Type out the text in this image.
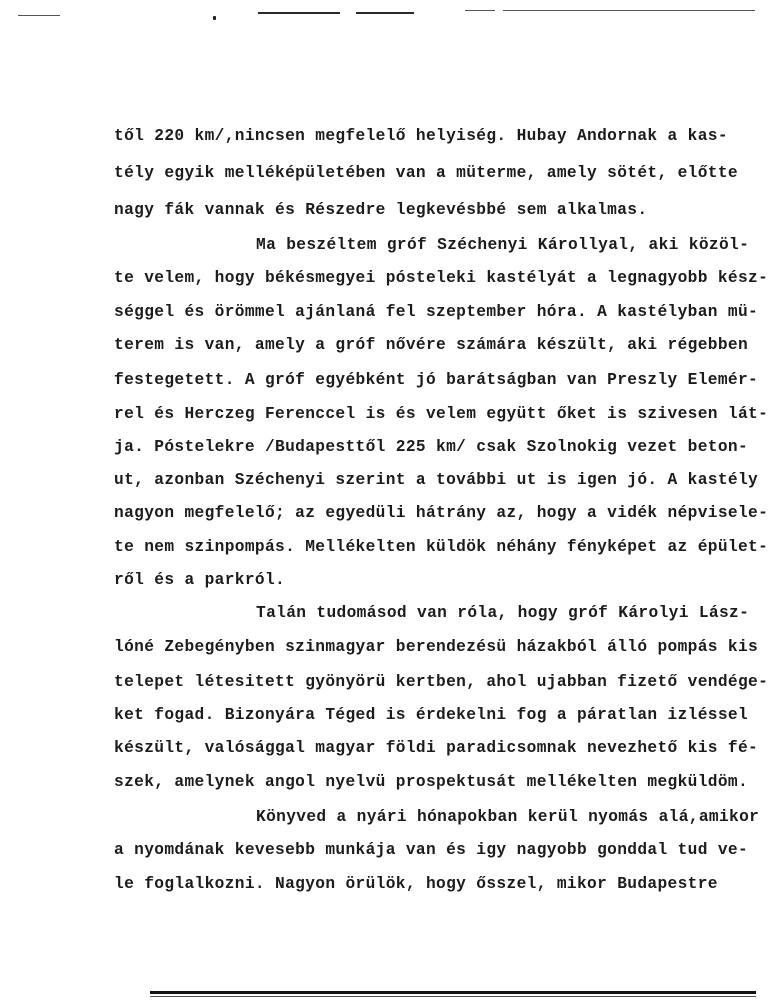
től 220 km/,nincsen megfelelő helyiség. Hubay Andornak a kas-
tély egyik melléképületében van a müterme, amely sötét, előtte
nagy fák vannak és Részedre legkevésbbé sem alkalmas.
Ma beszéltem gróf Széchenyi Károllyal, aki közöl-
te velem, hogy békésmegyei pósteleki kastélyát a legnagyobb kész-
séggel és örömmel ajánlaná fel szeptember hóra. A kastélyban mü-
terem is van, amely a gróf nővére számára készült, aki régebben
festegetett. A gróf egyébként jó barátságban van Preszly Elemér-
rel és Herczeg Ferenccel is és velem együtt őket is szivesen lát-
ja. Póstelekre /Budapesttől 225 km/ csak Szolnokig vezet beton-
ut, azonban Széchenyi szerint a további ut is igen jó. A kastély
nagyon megfelelő; az egyedüli hátrány az, hogy a vidék népvisele-
te nem szinpompás. Mellékelten küldök néhány fényképet az épület-
ről és a parkról.
Talán tudomásod van róla, hogy gróf Károlyi Lász-
lóné Zebegényben szinmagyar berendezésü házakból álló pompás kis
telepet létesitett gyönyörü kertben, ahol ujabban fizető vendége-
ket fogad. Bizonyára Téged is érdekelni fog a páratlan izléssel
készült, valósággal magyar földi paradicsomnak nevezhető kis fé-
szek, amelynek angol nyelvü prospektusát mellékelten megküldöm.
Könyved a nyári hónapokban kerül nyomás alá,amikor
a nyomdának kevesebb munkája van és igy nagyobb gonddal tud ve-
le foglalkozni. Nagyon örülök, hogy ősszel, mikor Budapestre
